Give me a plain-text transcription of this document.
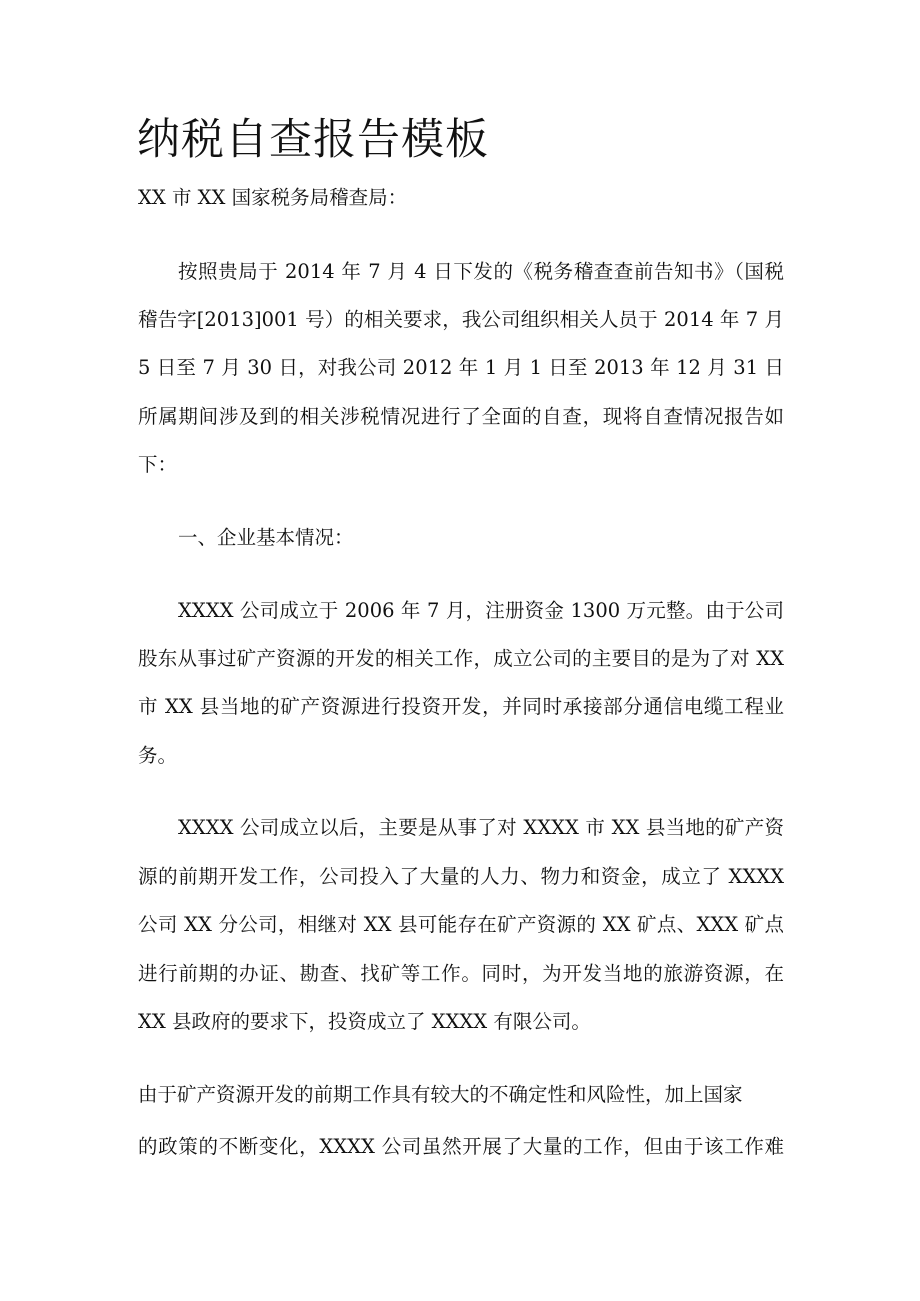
纳税自查报告模板
XX 市 XX 国家税务局稽查局：
按照贵局于 2014 年 7 月 4 日下发的《税务稽查查前告知书》（国税
稽告字[2013]001 号）的相关要求，我公司组织相关人员于 2014 年 7 月
5 日至 7 月 30 日，对我公司 2012 年 1 月 1 日至 2013 年 12 月 31 日
所属期间涉及到的相关涉税情况进行了全面的自查，现将自查情况报告如
下：
一、企业基本情况：
XXXX 公司成立于 2006 年 7 月，注册资金 1300 万元整。由于公司
股东从事过矿产资源的开发的相关工作，成立公司的主要目的是为了对 XX
市 XX 县当地的矿产资源进行投资开发，并同时承接部分通信电缆工程业
务。
XXXX 公司成立以后，主要是从事了对 XXXX 市 XX 县当地的矿产资
源的前期开发工作，公司投入了大量的人力、物力和资金，成立了 XXXX
公司 XX 分公司，相继对 XX 县可能存在矿产资源的 XX 矿点、XXX 矿点
进行前期的办证、勘查、找矿等工作。同时，为开发当地的旅游资源，在
XX 县政府的要求下，投资成立了 XXXX 有限公司。
由于矿产资源开发的前期工作具有较大的不确定性和风险性，加上国家
的政策的不断变化，XXXX 公司虽然开展了大量的工作，但由于该工作难
